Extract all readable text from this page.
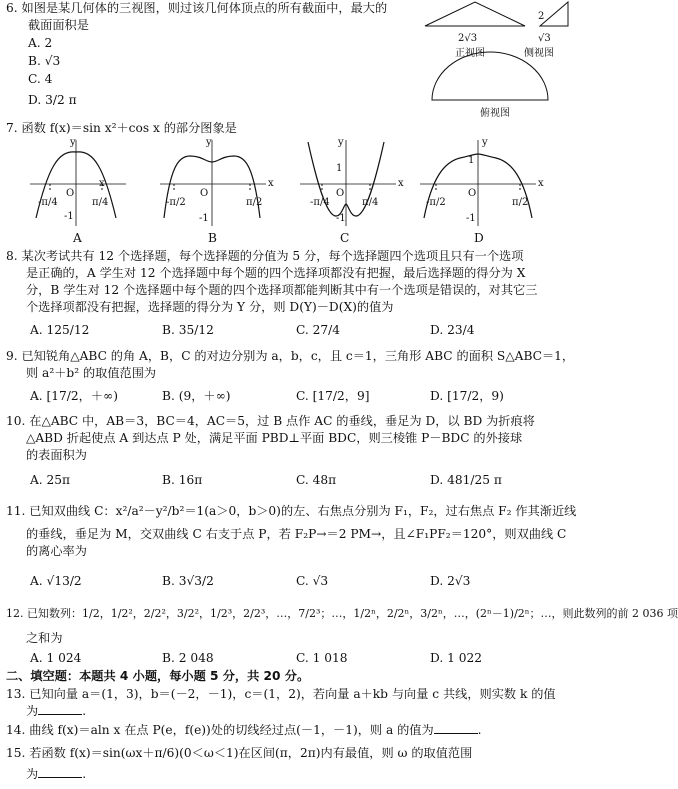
6. 如图是某几何体的三视图，则过该几何体顶点的所有截面中，最大的
截面面积是
A. 2
B. √3
C. 4
D. 3/2 π
2√3
2
√3
正视图	侧视图
俯视图
7. 函数 f(x)＝sin x²＋cos x 的部分图象是
x
y
O
-π/4	π/4
-1
A
x
y
O
-π/2	π/2
-1
B
x
y
1
O
-π/4	π/4
-1
C
x
y
1
O
-π/2	π/2
-1
D
8. 某次考试共有 12 个选择题，每个选择题的分值为 5 分，每个选择题四个选项且只有一个选项
是正确的，A 学生对 12 个选择题中每个题的四个选择项都没有把握，最后选择题的得分为 X
分，B 学生对 12 个选择题中每个题的四个选择项都能判断其中有一个选项是错误的，对其它三
个选择项都没有把握，选择题的得分为 Y 分，则 D(Y)－D(X)的值为
A. 125/12	B. 35/12	C. 27/4	D. 23/4
9. 已知锐角△ABC 的角 A，B，C 的对边分别为 a，b，c，且 c＝1，三角形 ABC 的面积 S△ABC＝1，
则 a²＋b² 的取值范围为
A. [17/2，＋∞)	B. (9，＋∞)	C. [17/2，9]	D. [17/2，9)
10. 在△ABC 中，AB＝3，BC＝4，AC＝5，过 B 点作 AC 的垂线，垂足为 D，以 BD 为折痕将
△ABD 折起使点 A 到达点 P 处，满足平面 PBD⊥平面 BDC，则三棱锥 P－BDC 的外接球
的表面积为
A. 25π	B. 16π	C. 48π	D. 481/25 π
11. 已知双曲线 C：x²/a²－y²/b²＝1(a＞0，b＞0)的左、右焦点分别为 F₁，F₂，过右焦点 F₂ 作其渐近线
的垂线，垂足为 M，交双曲线 C 右支于点 P，若 F₂P→＝2 PM→，且∠F₁PF₂＝120°，则双曲线 C
的离心率为
A. √13/2	B. 3√3/2	C. √3	D. 2√3
12. 已知数列：1/2，1/2²，2/2²，3/2²，1/2³，2/2³，…，7/2³；…，1/2ⁿ，2/2ⁿ，3/2ⁿ，…，(2ⁿ－1)/2ⁿ；…，则此数列的前 2 036 项
之和为
A. 1 024	B. 2 048	C. 1 018	D. 1 022
二、填空题：本题共 4 小题，每小题 5 分，共 20 分。
13. 已知向量 a＝(1，3)，b＝(－2，－1)，c＝(1，2)，若向量 a＋kb 与向量 c 共线，则实数 k 的值
为	.
14. 曲线 f(x)＝aln x 在点 P(e，f(e))处的切线经过点(－1，－1)，则 a 的值为	.
15. 若函数 f(x)＝sin(ωx＋π/6)(0＜ω＜1)在区间(π，2π)内有最值，则 ω 的取值范围
为	.
